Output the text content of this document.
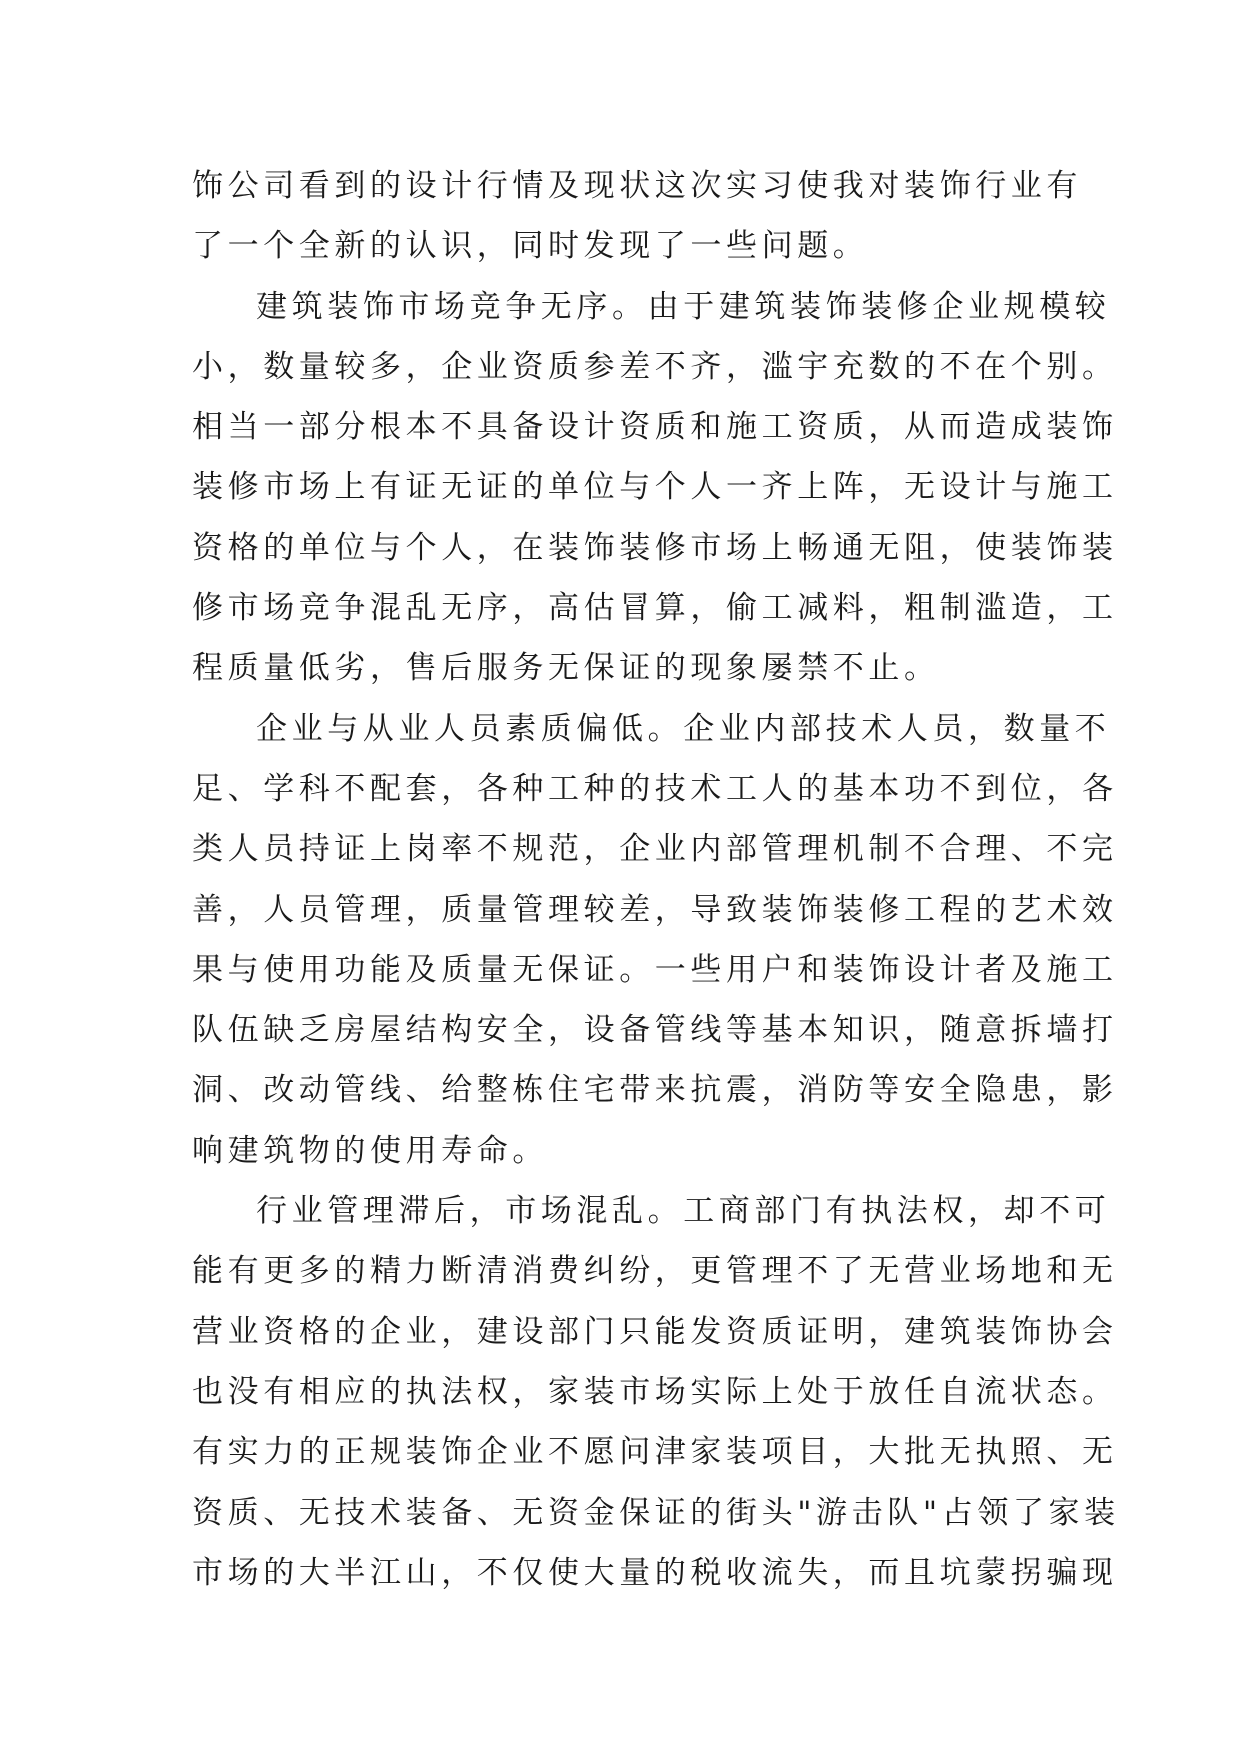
饰公司看到的设计行情及现状这次实习使我对装饰行业有
了一个全新的认识，同时发现了一些问题。
建筑装饰市场竞争无序。由于建筑装饰装修企业规模较
小，数量较多，企业资质参差不齐，滥宇充数的不在个别。
相当一部分根本不具备设计资质和施工资质，从而造成装饰
装修市场上有证无证的单位与个人一齐上阵，无设计与施工
资格的单位与个人，在装饰装修市场上畅通无阻，使装饰装
修市场竞争混乱无序，高估冒算，偷工减料，粗制滥造，工
程质量低劣，售后服务无保证的现象屡禁不止。
企业与从业人员素质偏低。企业内部技术人员，数量不
足、学科不配套，各种工种的技术工人的基本功不到位，各
类人员持证上岗率不规范，企业内部管理机制不合理、不完
善，人员管理，质量管理较差，导致装饰装修工程的艺术效
果与使用功能及质量无保证。一些用户和装饰设计者及施工
队伍缺乏房屋结构安全，设备管线等基本知识，随意拆墙打
洞、改动管线、给整栋住宅带来抗震，消防等安全隐患，影
响建筑物的使用寿命。
行业管理滞后，市场混乱。工商部门有执法权，却不可
能有更多的精力断清消费纠纷，更管理不了无营业场地和无
营业资格的企业，建设部门只能发资质证明，建筑装饰协会
也没有相应的执法权，家装市场实际上处于放任自流状态。
有实力的正规装饰企业不愿问津家装项目，大批无执照、无
资质、无技术装备、无资金保证的街头"游击队"占领了家装
市场的大半江山，不仅使大量的税收流失，而且坑蒙拐骗现
